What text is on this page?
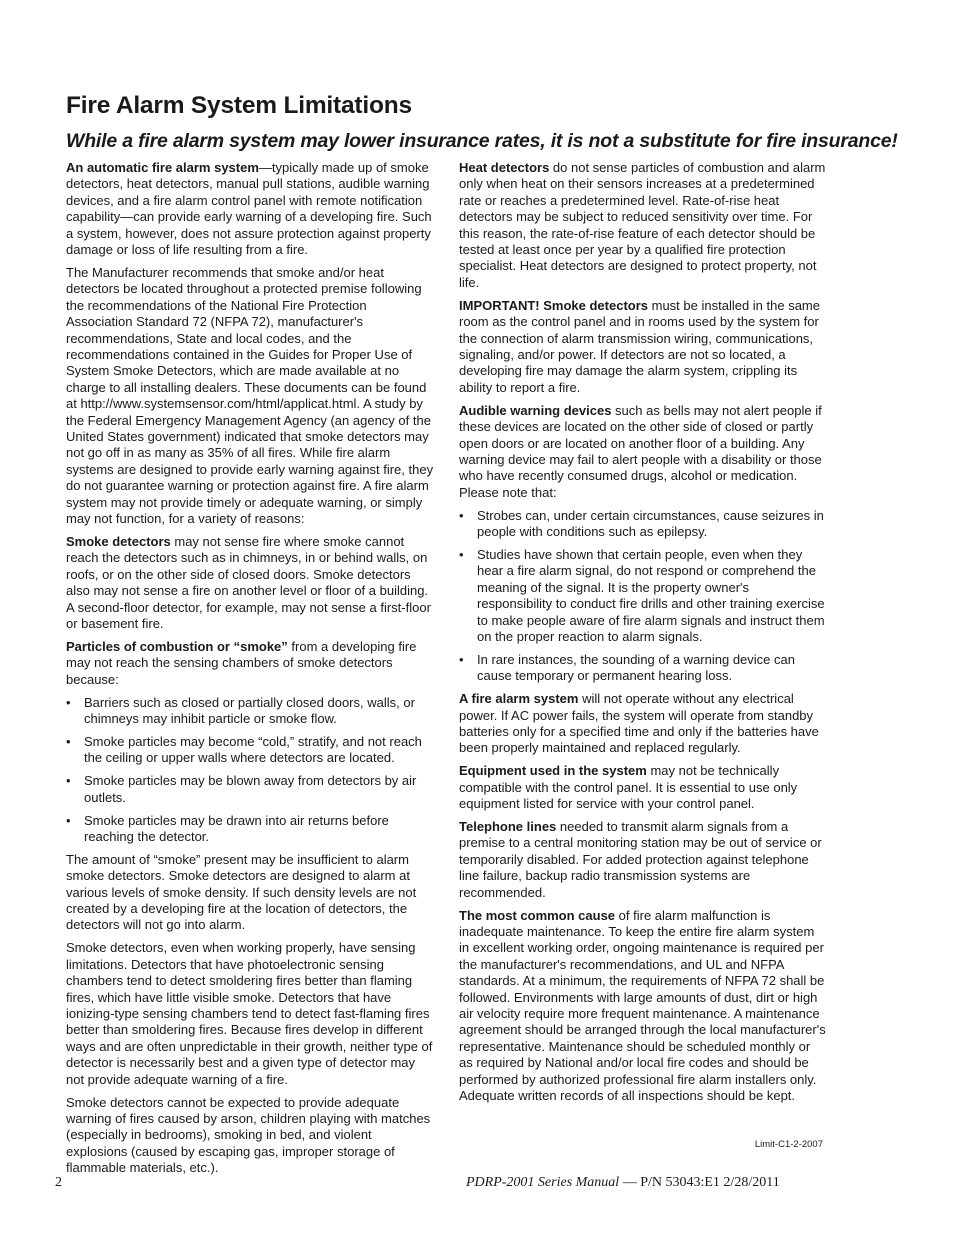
Fire Alarm System Limitations
While a fire alarm system may lower insurance rates, it is not a substitute for fire insurance!

An automatic fire alarm system—typically made up of smoke detectors, heat detectors, manual pull stations, audible warning devices, and a fire alarm control panel with remote notification capability—can provide early warning of a developing fire. Such a system, however, does not assure protection against property damage or loss of life resulting from a fire.

The Manufacturer recommends that smoke and/or heat detectors be located throughout a protected premise following the recommendations of the National Fire Protection Association Standard 72 (NFPA 72), manufacturer's recommendations, State and local codes, and the recommendations contained in the Guides for Proper Use of System Smoke Detectors, which are made available at no charge to all installing dealers. These documents can be found at http://www.systemsensor.com/html/applicat.html. A study by the Federal Emergency Management Agency (an agency of the United States government) indicated that smoke detectors may not go off in as many as 35% of all fires. While fire alarm systems are designed to provide early warning against fire, they do not guarantee warning or protection against fire. A fire alarm system may not provide timely or adequate warning, or simply may not function, for a variety of reasons:

Smoke detectors may not sense fire where smoke cannot reach the detectors such as in chimneys, in or behind walls, on roofs, or on the other side of closed doors. Smoke detectors also may not sense a fire on another level or floor of a building. A second-floor detector, for example, may not sense a first-floor or basement fire.

Particles of combustion or “smoke” from a developing fire may not reach the sensing chambers of smoke detectors because:

• Barriers such as closed or partially closed doors, walls, or chimneys may inhibit particle or smoke flow.
• Smoke particles may become “cold,” stratify, and not reach the ceiling or upper walls where detectors are located.
• Smoke particles may be blown away from detectors by air outlets.
• Smoke particles may be drawn into air returns before reaching the detector.

The amount of “smoke” present may be insufficient to alarm smoke detectors. Smoke detectors are designed to alarm at various levels of smoke density. If such density levels are not created by a developing fire at the location of detectors, the detectors will not go into alarm.

Smoke detectors, even when working properly, have sensing limitations. Detectors that have photoelectronic sensing chambers tend to detect smoldering fires better than flaming fires, which have little visible smoke. Detectors that have ionizing-type sensing chambers tend to detect fast-flaming fires better than smoldering fires. Because fires develop in different ways and are often unpredictable in their growth, neither type of detector is necessarily best and a given type of detector may not provide adequate warning of a fire.

Smoke detectors cannot be expected to provide adequate warning of fires caused by arson, children playing with matches (especially in bedrooms), smoking in bed, and violent explosions (caused by escaping gas, improper storage of flammable materials, etc.).

Heat detectors do not sense particles of combustion and alarm only when heat on their sensors increases at a predetermined rate or reaches a predetermined level. Rate-of-rise heat detectors may be subject to reduced sensitivity over time. For this reason, the rate-of-rise feature of each detector should be tested at least once per year by a qualified fire protection specialist. Heat detectors are designed to protect property, not life.

IMPORTANT! Smoke detectors must be installed in the same room as the control panel and in rooms used by the system for the connection of alarm transmission wiring, communications, signaling, and/or power. If detectors are not so located, a developing fire may damage the alarm system, crippling its ability to report a fire.

Audible warning devices such as bells may not alert people if these devices are located on the other side of closed or partly open doors or are located on another floor of a building. Any warning device may fail to alert people with a disability or those who have recently consumed drugs, alcohol or medication. Please note that:

• Strobes can, under certain circumstances, cause seizures in people with conditions such as epilepsy.
• Studies have shown that certain people, even when they hear a fire alarm signal, do not respond or comprehend the meaning of the signal. It is the property owner's responsibility to conduct fire drills and other training exercise to make people aware of fire alarm signals and instruct them on the proper reaction to alarm signals.
• In rare instances, the sounding of a warning device can cause temporary or permanent hearing loss.

A fire alarm system will not operate without any electrical power. If AC power fails, the system will operate from standby batteries only for a specified time and only if the batteries have been properly maintained and replaced regularly.

Equipment used in the system may not be technically compatible with the control panel. It is essential to use only equipment listed for service with your control panel.

Telephone lines needed to transmit alarm signals from a premise to a central monitoring station may be out of service or temporarily disabled. For added protection against telephone line failure, backup radio transmission systems are recommended.

The most common cause of fire alarm malfunction is inadequate maintenance. To keep the entire fire alarm system in excellent working order, ongoing maintenance is required per the manufacturer's recommendations, and UL and NFPA standards. At a minimum, the requirements of NFPA 72 shall be followed. Environments with large amounts of dust, dirt or high air velocity require more frequent maintenance. A maintenance agreement should be arranged through the local manufacturer's representative. Maintenance should be scheduled monthly or as required by National and/or local fire codes and should be performed by authorized professional fire alarm installers only. Adequate written records of all inspections should be kept.

Limit-C1-2-2007
2	PDRP-2001 Series Manual — P/N 53043:E1 2/28/2011
